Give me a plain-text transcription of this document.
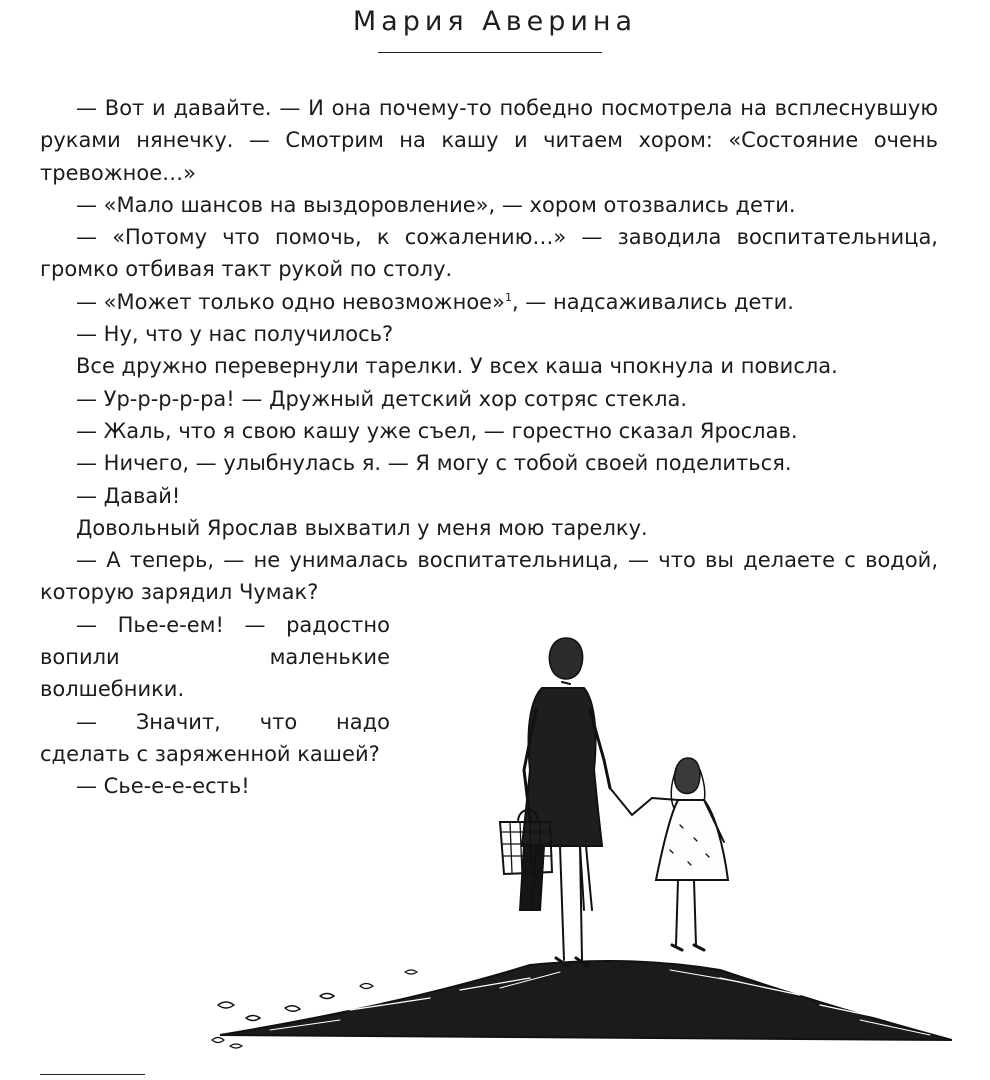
Мария Аверина

— Вот и давайте. — И она почему-то победно посмотрела на всплеснувшую руками нянечку. — Смотрим на кашу и читаем хором: «Состояние очень тревожное…»

— «Мало шансов на выздоровление», — хором отозвались дети.

— «Потому что помочь, к сожалению…» — заводила воспитательница, громко отбивая такт рукой по столу.

— «Может только одно невозможное»$^1$, — надсаживались дети.

— Ну, что у нас получилось?

Все дружно перевернули тарелки. У всех каша чпокнула и повисла.

— Ур-р-р-р-ра! — Дружный детский хор сотряс стекла.

— Жаль, что я свою кашу уже съел, — горестно сказал Ярослав.

— Ничего, — улыбнулась я. — Я могу с тобой своей поделиться.

— Давай!

Довольный Ярослав выхватил у меня мою тарелку.

— А теперь, — не унималась воспитательница, — что вы делаете с водой, которую зарядил Чумак?

— Пье-е-ем! — радостно вопили маленькие волшебники.

— Значит, что надо сделать с заряженной кашей?

— Сье-е-е-есть!
